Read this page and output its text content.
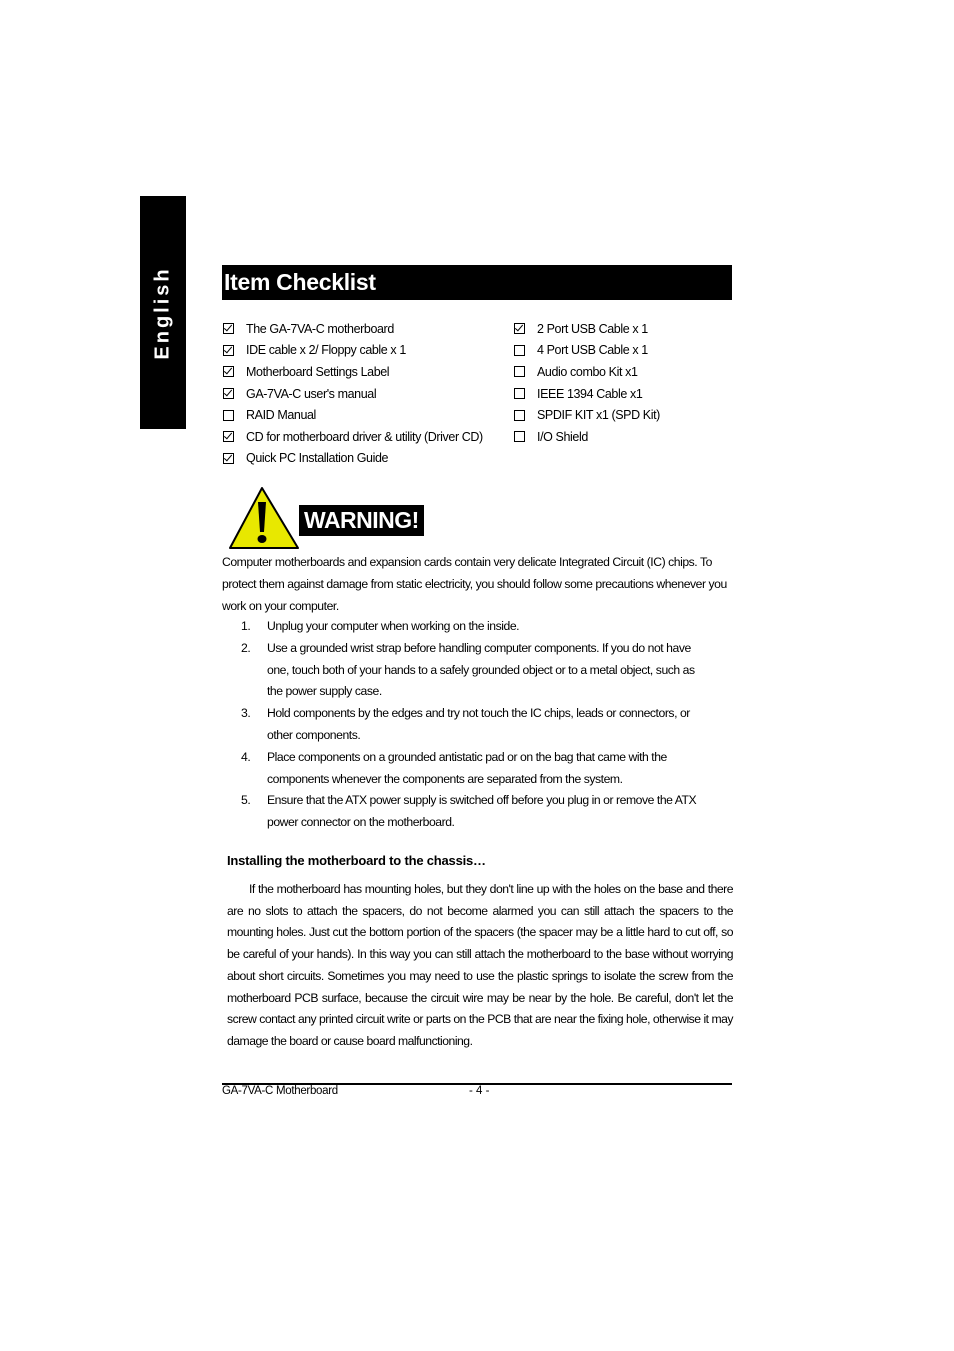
English Item Checklist
The GA-7VA-C motherboard
IDE cable x 2/ Floppy cable x 1
Motherboard Settings Label
GA-7VA-C user's manual
RAID Manual
CD for motherboard driver & utility (Driver CD)
Quick PC Installation Guide
2 Port USB Cable x 1
4 Port USB Cable x 1
Audio combo Kit x1
IEEE 1394 Cable x1
SPDIF KIT x1 (SPD Kit)
I/O Shield
WARNING!

Computer motherboards and expansion cards contain very delicate Integrated Circuit (IC) chips. To protect them against damage from static electricity, you should follow some precautions whenever you work on your computer.

1. Unplug your computer when working on the inside.
2. Use a grounded wrist strap before handling computer components. If you do not have one, touch both of your hands to a safely grounded object or to a metal object, such as the power supply case.
3. Hold components by the edges and try not touch the IC chips, leads or connectors, or other components.
4. Place components on a grounded antistatic pad or on the bag that came with the components whenever the components are separated from the system.
5. Ensure that the ATX power supply is switched off before you plug in or remove the ATX power connector on the motherboard.
Installing the motherboard to the chassis…

If the motherboard has mounting holes, but they don't line up with the holes on the base and there are no slots to attach the spacers, do not become alarmed you can still attach the spacers to the mounting holes. Just cut the bottom portion of the spacers (the spacer may be a little hard to cut off, so be careful of your hands). In this way you can still attach the motherboard to the base without worrying about short circuits. Sometimes you may need to use the plastic springs to isolate the screw from the motherboard PCB surface, because the circuit wire may be near by the hole. Be careful, don't let the screw contact any printed circuit write or parts on the PCB that are near the fixing hole, otherwise it may damage the board or cause board malfunctioning.

GA-7VA-C Motherboard	- 4 -
